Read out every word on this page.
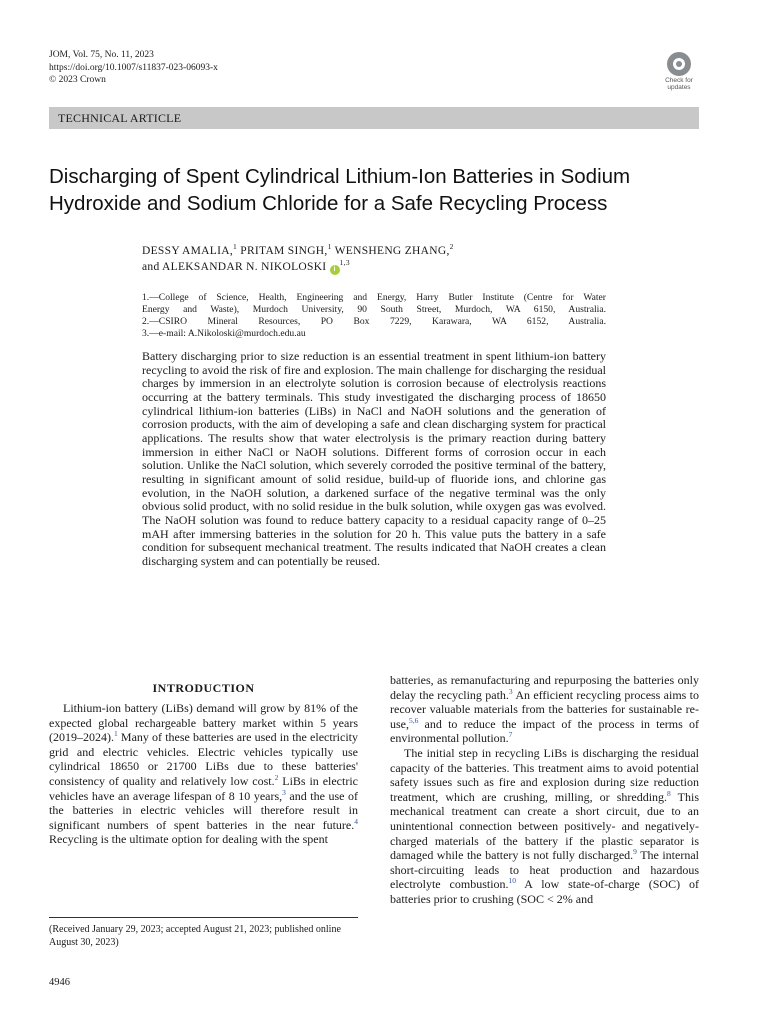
JOM, Vol. 75, No. 11, 2023
https://doi.org/10.1007/s11837-023-06093-x
© 2023 Crown	Check for updates
TECHNICAL ARTICLE
Discharging of Spent Cylindrical Lithium-Ion Batteries in Sodium Hydroxide and Sodium Chloride for a Safe Recycling Process
DESSY AMALIA,$^1$ PRITAM SINGH,$^1$ WENSHENG ZHANG,$^2$
and ALEKSANDAR N. NIKOLOSKI $i^{1,3}$

1.—College of Science, Health, Engineering and Energy, Harry Butler Institute (Centre for Water

Energy and Waste), Murdoch University, 90 South Street, Murdoch, WA 6150, Australia.

2.—CSIRO Mineral Resources, PO Box 7229, Karawara, WA 6152, Australia.

3.—e-mail: A.Nikoloski@murdoch.edu.au

Battery discharging prior to size reduction is an essential treatment in spent lithium-ion battery recycling to avoid the risk of fire and explosion. The main challenge for discharging the residual charges by immersion in an electrolyte solution is corrosion because of electrolysis reactions occurring at the battery terminals. This study investigated the discharging process of 18650 cylindrical lithium-ion batteries (LiBs) in NaCl and NaOH solutions and the generation of corrosion products, with the aim of developing a safe and clean discharging system for practical applications. The results show that water electrolysis is the primary reaction during battery immersion in either NaCl or NaOH solutions. Different forms of corrosion occur in each solution. Unlike the NaCl solution, which severely corroded the positive terminal of the battery, resulting in significant amount of solid residue, build-up of fluoride ions, and chlorine gas evolution, in the NaOH solution, a darkened surface of the negative terminal was the only obvious solid product, with no solid residue in the bulk solution, while oxygen gas was evolved. The NaOH solution was found to reduce battery capacity to a residual capacity range of 0–25 mAH after immersing batteries in the solution for 20 h. This value puts the battery in a safe condition for subsequent mechanical treatment. The results indicated that NaOH creates a clean discharging system and can potentially be reused.
INTRODUCTION

Lithium-ion battery (LiBs) demand will grow by 81% of the expected global rechargeable battery market within 5 years (2019–2024).$^1$ Many of these batteries are used in the electricity grid and electric vehicles. Electric vehicles typically use cylindrical 18650 or 21700 LiBs due to these batteries' consistency of quality and relatively low cost.$^2$ LiBs in electric vehicles have an average lifespan of 8 10 years,$^3$ and the use of the batteries in electric vehicles will therefore result in significant numbers of spent batteries in the near future.$^4$ Recycling is the ultimate option for dealing with the spent

batteries, as remanufacturing and repurposing the batteries only delay the recycling path.$^3$ An efficient recycling process aims to recover valuable materials from the batteries for sustainable re-use,$^{5,6}$ and to reduce the impact of the process in terms of environmental pollution.$^7$

The initial step in recycling LiBs is discharging the residual capacity of the batteries. This treatment aims to avoid potential safety issues such as fire and explosion during size reduction treatment, which are crushing, milling, or shredding.$^8$ This mechanical treatment can create a short circuit, due to an unintentional connection between positively- and negatively-charged materials of the battery if the plastic separator is damaged while the battery is not fully discharged.$^9$ The internal short-circuiting leads to heat production and hazardous electrolyte combustion.$^{10}$ A low state-of-charge (SOC) of batteries prior to crushing (SOC < 2% and

(Received January 29, 2023; accepted August 21, 2023; published online August 30, 2023)
4946
